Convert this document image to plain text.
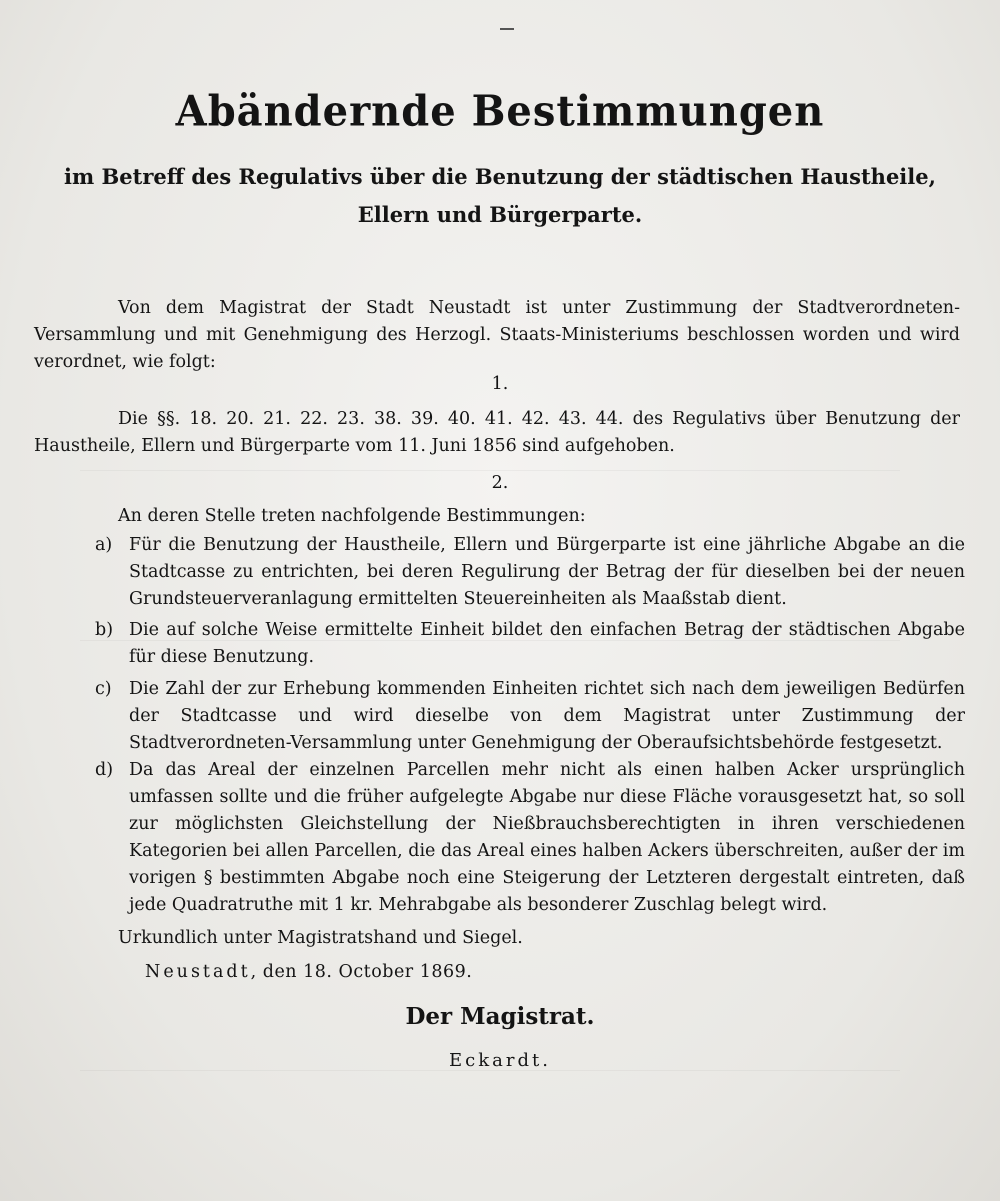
Abändernde Bestimmungen
im Betreff des Regulativs über die Benutzung der städtischen Haustheile, Ellern und Bürgerparte.
Von dem Magistrat der Stadt Neustadt ist unter Zustimmung der Stadtverordneten-Versammlung und mit Genehmigung des Herzogl. Staats-Ministeriums beschlossen worden und wird verordnet, wie folgt:
1.
Die §§. 18. 20. 21. 22. 23. 38. 39. 40. 41. 42. 43. 44. des Regulativs über Benutzung der Haustheile, Ellern und Bürgerparte vom 11. Juni 1856 sind aufgehoben.
2.
An deren Stelle treten nachfolgende Bestimmungen:
a) Für die Benutzung der Haustheile, Ellern und Bürgerparte ist eine jährliche Abgabe an die Stadtcasse zu entrichten, bei deren Regulirung der Betrag der für dieselben bei der neuen Grundsteuerveranlagung ermittelten Steuereinheiten als Maaßstab dient.
b) Die auf solche Weise ermittelte Einheit bildet den einfachen Betrag der städtischen Abgabe für diese Benutzung.
c) Die Zahl der zur Erhebung kommenden Einheiten richtet sich nach dem jeweiligen Bedürfen der Stadtcasse und wird dieselbe von dem Magistrat unter Zustimmung der Stadtverordneten-Versammlung unter Genehmigung der Oberaufsichtsbehörde festgesetzt.
d) Da das Areal der einzelnen Parcellen mehr nicht als einen halben Acker ursprünglich umfassen sollte und die früher aufgelegte Abgabe nur diese Fläche vorausgesetzt hat, so soll zur möglichsten Gleichstellung der Nießbrauchsberechtigten in ihren verschiedenen Kategorien bei allen Parcellen, die das Areal eines halben Ackers überschreiten, außer der im vorigen § bestimmten Abgabe noch eine Steigerung der Letzteren dergestalt eintreten, daß jede Quadratruthe mit 1 kr. Mehrabgabe als besonderer Zuschlag belegt wird.
Urkundlich unter Magistratshand und Siegel.
Neustadt, den 18. October 1869.
Der Magistrat.
Eckardt.
